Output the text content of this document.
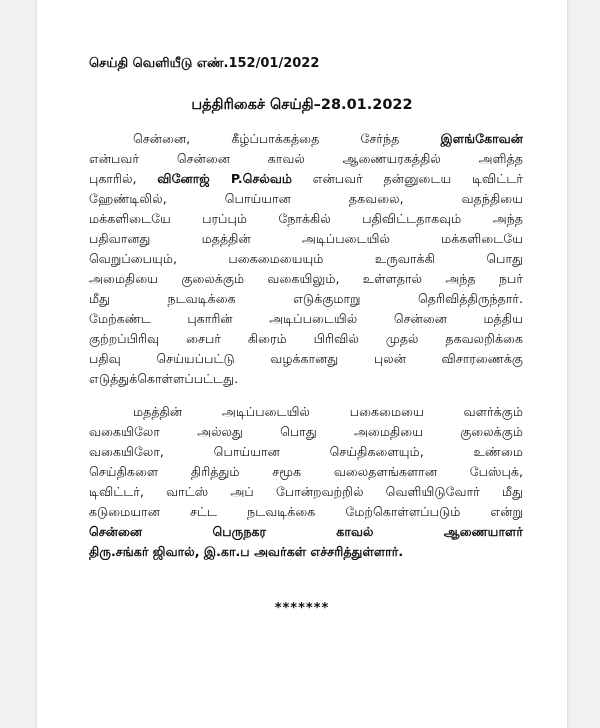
செய்தி வெளியீடு எண்.152/01/2022
பத்திரிகைச் செய்தி–28.01.2022
சென்னை, கீழ்ப்பாக்கத்தை சேர்ந்த இளங்கோவன்
என்பவர் சென்னை காவல் ஆணையரகத்தில் அளித்த
புகாரில், வினோஜ் P.செல்வம் என்பவர் தன்னுடைய டிவிட்டர்
ஹேண்டிலில், பொய்யான தகவலை, வதந்தியை
மக்களிடையே பரப்பும் நோக்கில் பதிவிட்டதாகவும் அந்த
பதிவானது மதத்தின் அடிப்படையில் மக்களிடையே
வெறுப்பையும், பகைமையையும் உருவாக்கி பொது
அமைதியை குலைக்கும் வகையிலும், உள்ளதால் அந்த நபர்
மீது நடவடிக்கை எடுக்குமாறு தெரிவித்திருந்தார்.
மேற்கண்ட புகாரின் அடிப்படையில் சென்னை மத்திய
குற்றப்பிரிவு சைபர் கிரைம் பிரிவில் முதல் தகவலறிக்கை
பதிவு செய்யப்பட்டு வழக்கானது புலன் விசாரணைக்கு
எடுத்துக்கொள்ளப்பட்டது.
மதத்தின் அடிப்படையில் பகைமையை வளர்க்கும்
வகையிலோ அல்லது பொது அமைதியை குலைக்கும்
வகையிலோ, பொய்யான செய்திகளையும், உண்மை
செய்திகளை திரித்தும் சமூக வலைதளங்களான பேஸ்புக்,
டிவிட்டர், வாட்ஸ் அப் போன்றவற்றில் வெளியிடுவோர் மீது
கடுமையான சட்ட நடவடிக்கை மேற்கொள்ளப்படும் என்று
சென்னை பெருநகர காவல் ஆணையாளர்
திரு.சங்கர் ஜிவால், இ.கா.ப அவர்கள் எச்சரித்துள்ளார்.
*******
